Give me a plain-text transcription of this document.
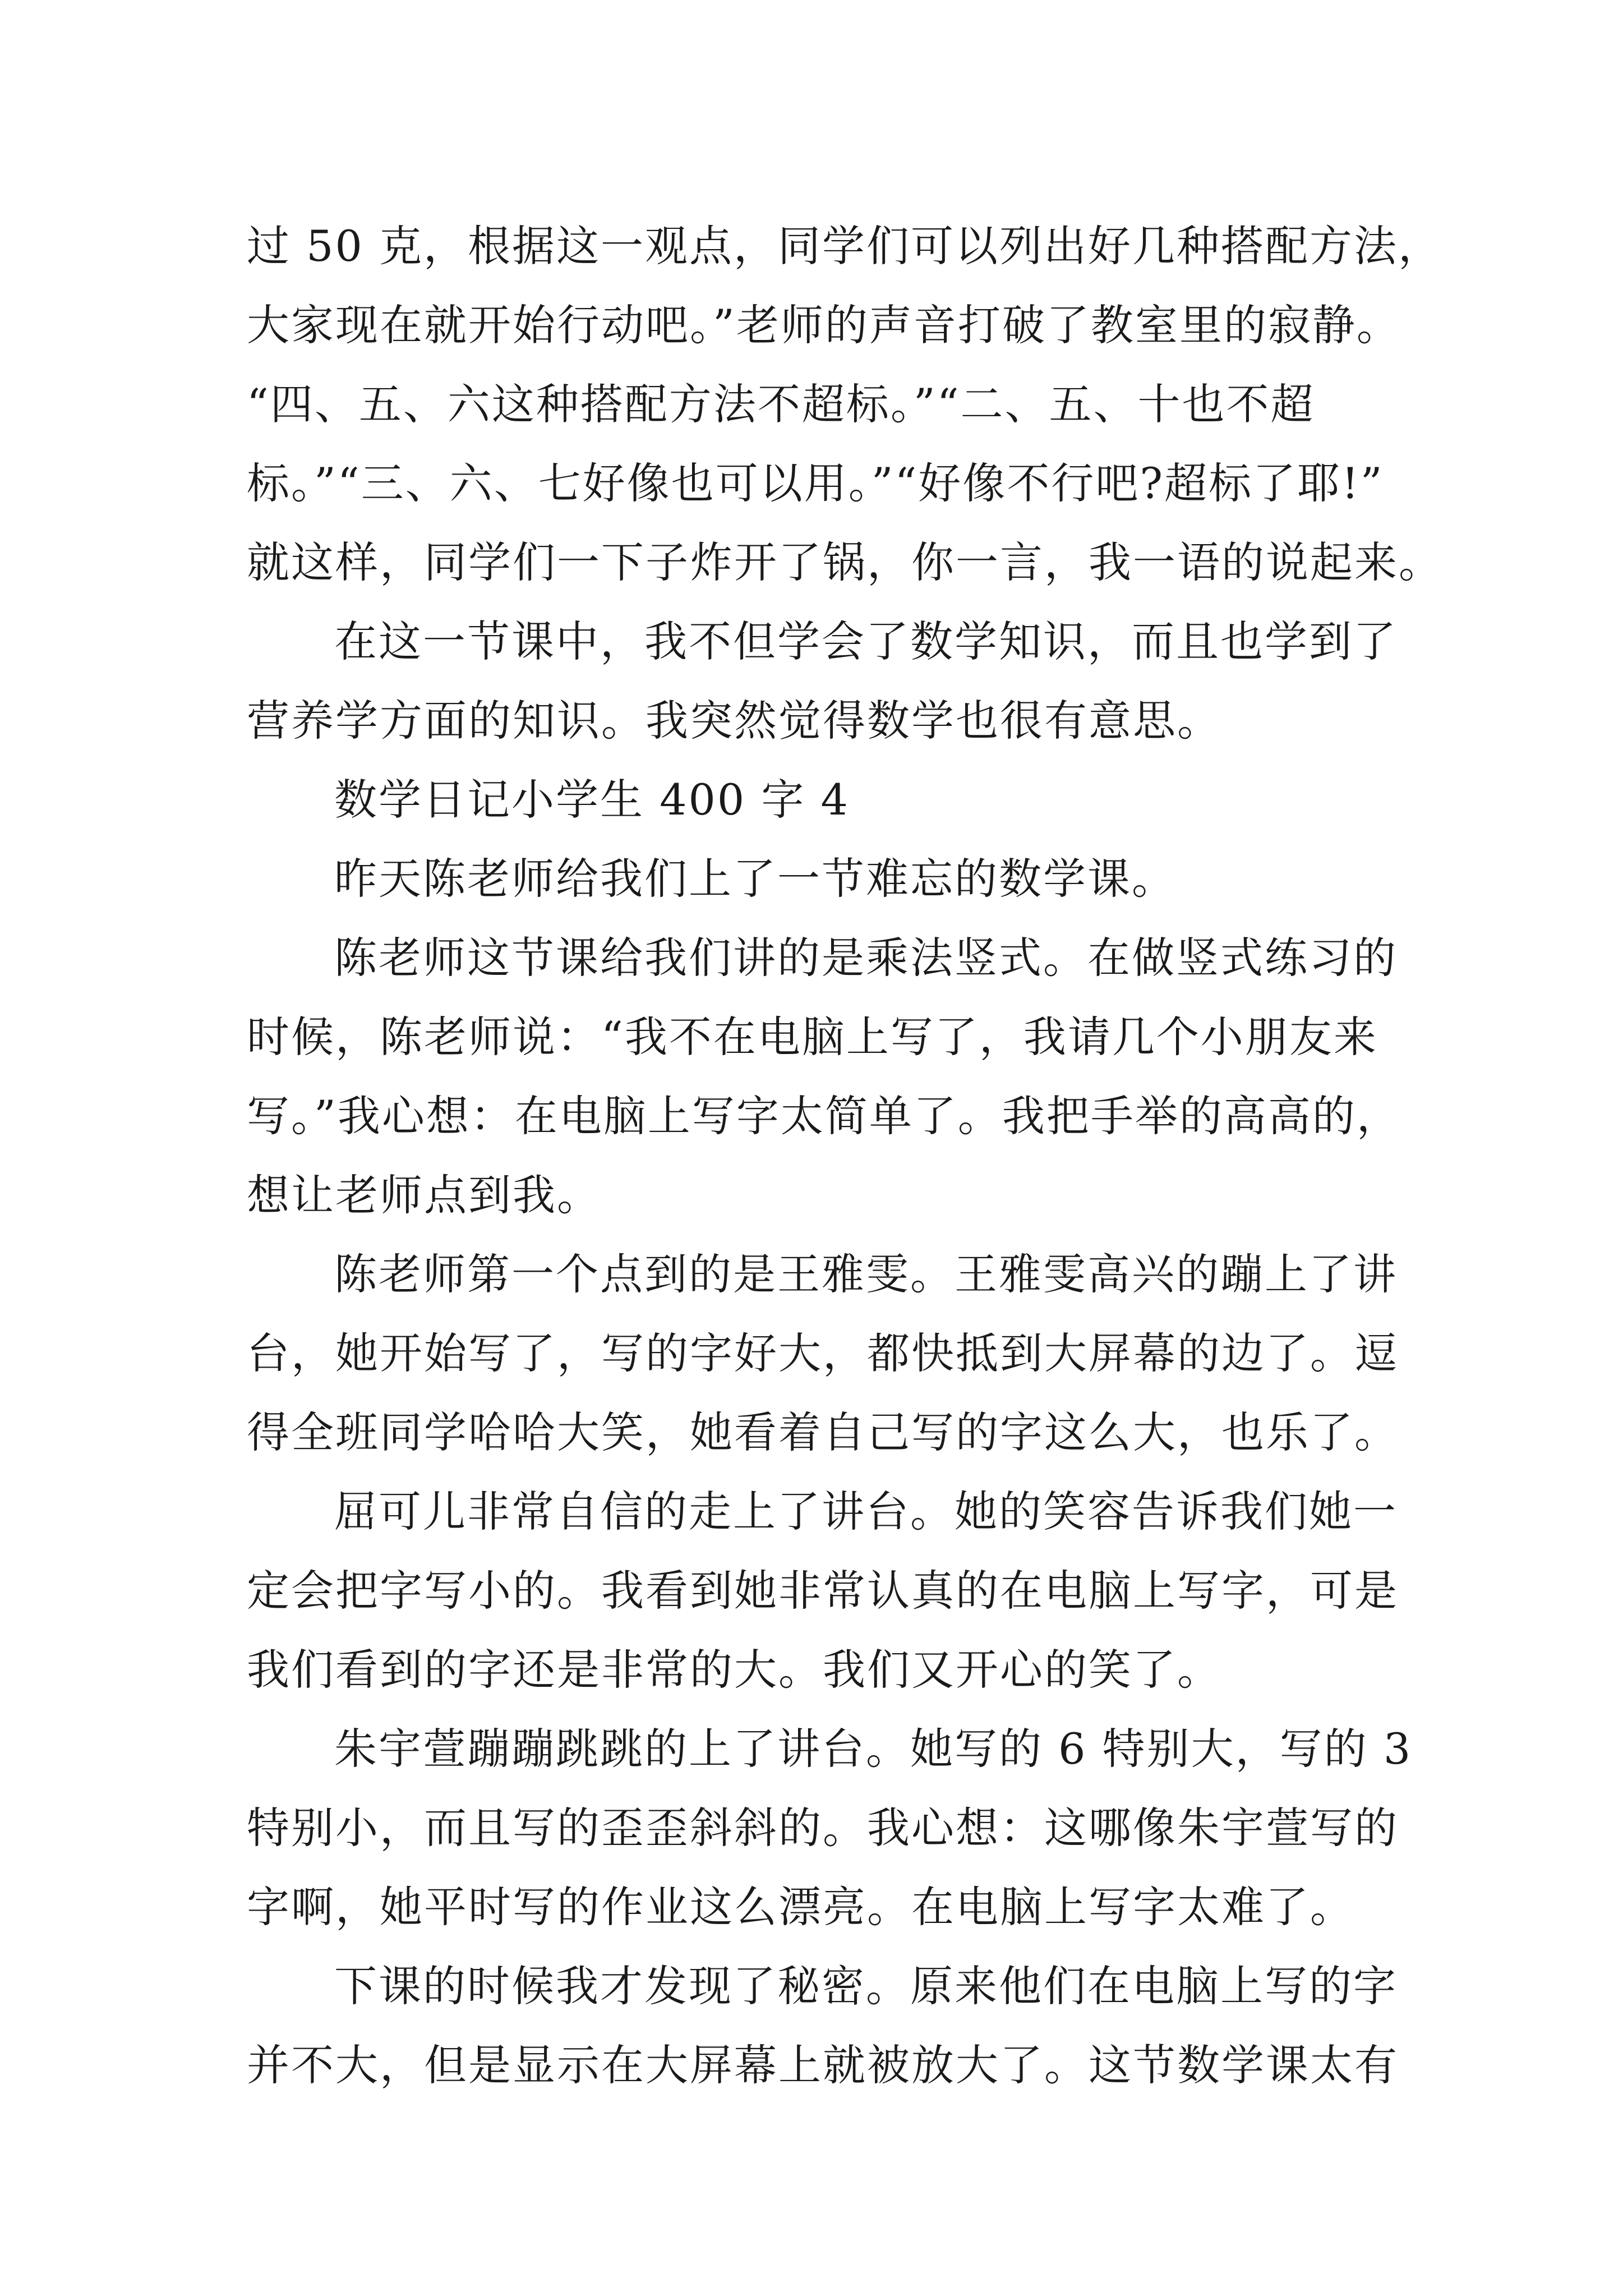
过 50 克，根据这一观点，同学们可以列出好几种搭配方法，
大家现在就开始行动吧。”老师的声音打破了教室里的寂静。
“四、五、六这种搭配方法不超标。”“二、五、十也不超
标。”“三、六、七好像也可以用。”“好像不行吧?超标了耶!”
就这样，同学们一下子炸开了锅，你一言，我一语的说起来。
在这一节课中，我不但学会了数学知识，而且也学到了
营养学方面的知识。我突然觉得数学也很有意思。
数学日记小学生 400 字 4
昨天陈老师给我们上了一节难忘的数学课。
陈老师这节课给我们讲的是乘法竖式。在做竖式练习的
时候，陈老师说：“我不在电脑上写了，我请几个小朋友来
写。”我心想：在电脑上写字太简单了。我把手举的高高的，
想让老师点到我。
陈老师第一个点到的是王雅雯。王雅雯高兴的蹦上了讲
台，她开始写了，写的字好大，都快抵到大屏幕的边了。逗
得全班同学哈哈大笑，她看着自己写的字这么大，也乐了。
屈可儿非常自信的走上了讲台。她的笑容告诉我们她一
定会把字写小的。我看到她非常认真的在电脑上写字，可是
我们看到的字还是非常的大。我们又开心的笑了。
朱宇萱蹦蹦跳跳的上了讲台。她写的 6 特别大，写的 3
特别小，而且写的歪歪斜斜的。我心想：这哪像朱宇萱写的
字啊，她平时写的作业这么漂亮。在电脑上写字太难了。
下课的时候我才发现了秘密。原来他们在电脑上写的字
并不大，但是显示在大屏幕上就被放大了。这节数学课太有
